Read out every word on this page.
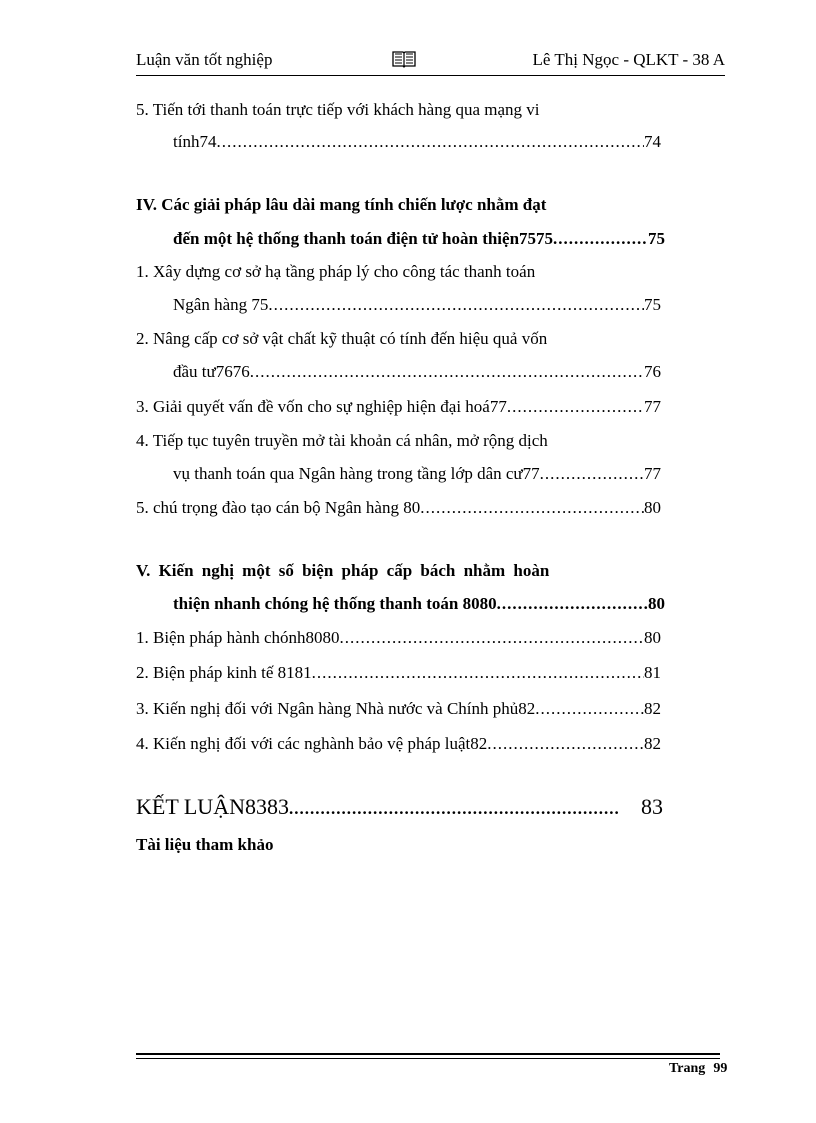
Luận văn tốt nghiệp	Lê Thị Ngọc - QLKT - 38 A
5. Tiến tới thanh toán trực tiếp với khách hàng qua mạng vi
tính74 .....	74
IV. Các giải pháp lâu dài mang tính chiến lược nhằm đạt
đến một hệ thống thanh toán điện tử hoàn thiện7575 .....	75
1. Xây dựng cơ sở hạ tầng pháp lý cho công tác thanh toán
Ngân hàng 75 .....	75
2. Nâng cấp cơ sở vật chất kỹ thuật có tính đến hiệu quả vốn
đầu tư7676 .....	76
3. Giải quyết vấn đề vốn cho sự nghiệp hiện đại hoá77 .....	77
4. Tiếp tục tuyên truyền mở tài khoản cá nhân, mở rộng dịch
vụ thanh toán qua Ngân hàng trong tầng lớp dân cư77 .....	77
5. chú trọng đào tạo cán bộ Ngân hàng 80 .....	80
V. Kiến nghị một số biện pháp cấp bách nhằm hoàn
thiện nhanh chóng hệ thống thanh toán 8080 .....	80
1. Biện pháp hành chónh8080 .....	80
2. Biện pháp kinh tế 8181 .....	81
3. Kiến nghị đối với Ngân hàng Nhà nước và Chính phủ82 .....	82
4. Kiến nghị đối với các nghành bảo vệ pháp luật82 .....	82
KẾT LUẬN8383 .....	83
Tài liệu tham khảo
Trang 99
